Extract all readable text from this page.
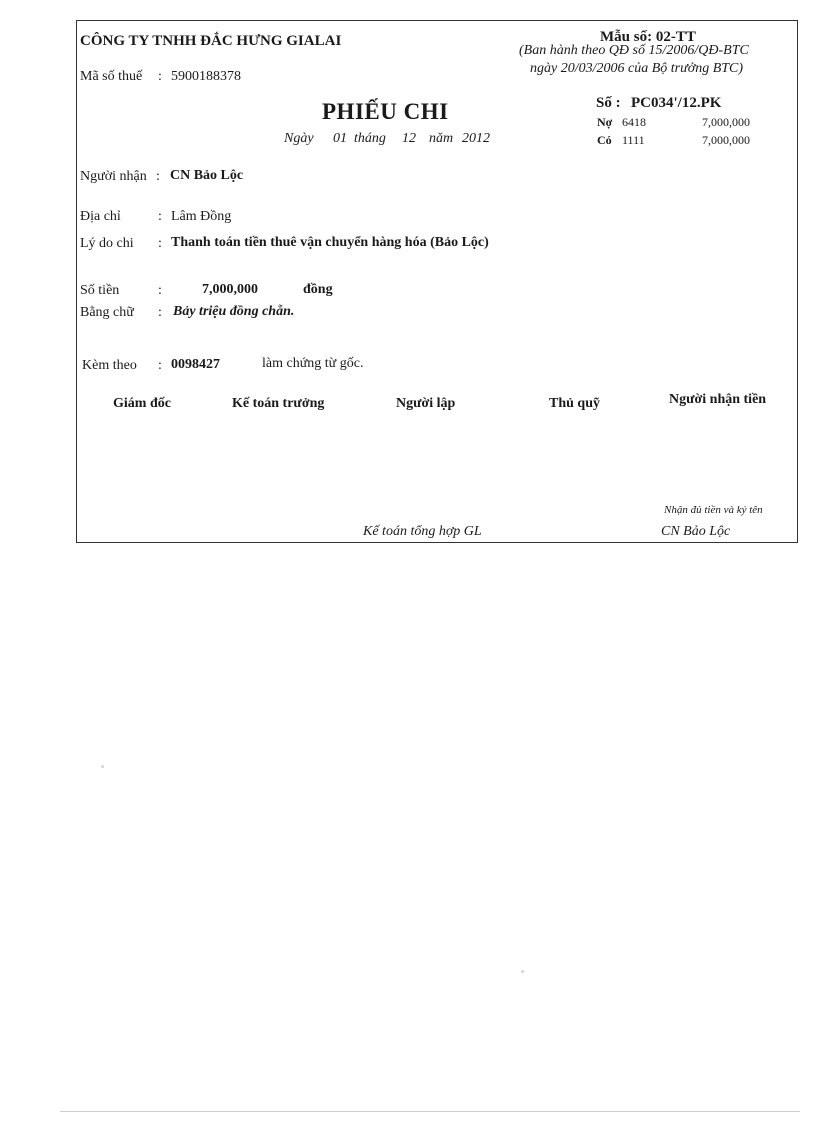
CÔNG TY TNHH ĐẮC HƯNG GIALAI
Mã số thuế : 5900188378
Mẫu số: 02-TT
(Ban hành theo QĐ số 15/2006/QĐ-BTC
ngày 20/03/2006 của Bộ trưởng BTC)
PHIẾU CHI
Ngày 01 tháng 12 năm 2012
Số : PC034'/12.PK
Nợ 6418	7,000,000
Có 1111	7,000,000
Người nhận : CN Bảo Lộc
Địa chỉ	: Lâm Đồng
Lý do chi : Thanh toán tiền thuê vận chuyển hàng hóa (Bảo Lộc)
Số tiền	:	7,000,000	đồng
Bằng chữ : Bảy triệu đồng chẵn.
Kèm theo : 0098427	làm chứng từ gốc.
Giám đốc	Kế toán trưởng	Người lập	Thủ quỹ	Người nhận tiền
Nhận đủ tiền và ký tên
Kế toán tổng hợp GL	CN Bảo Lộc
